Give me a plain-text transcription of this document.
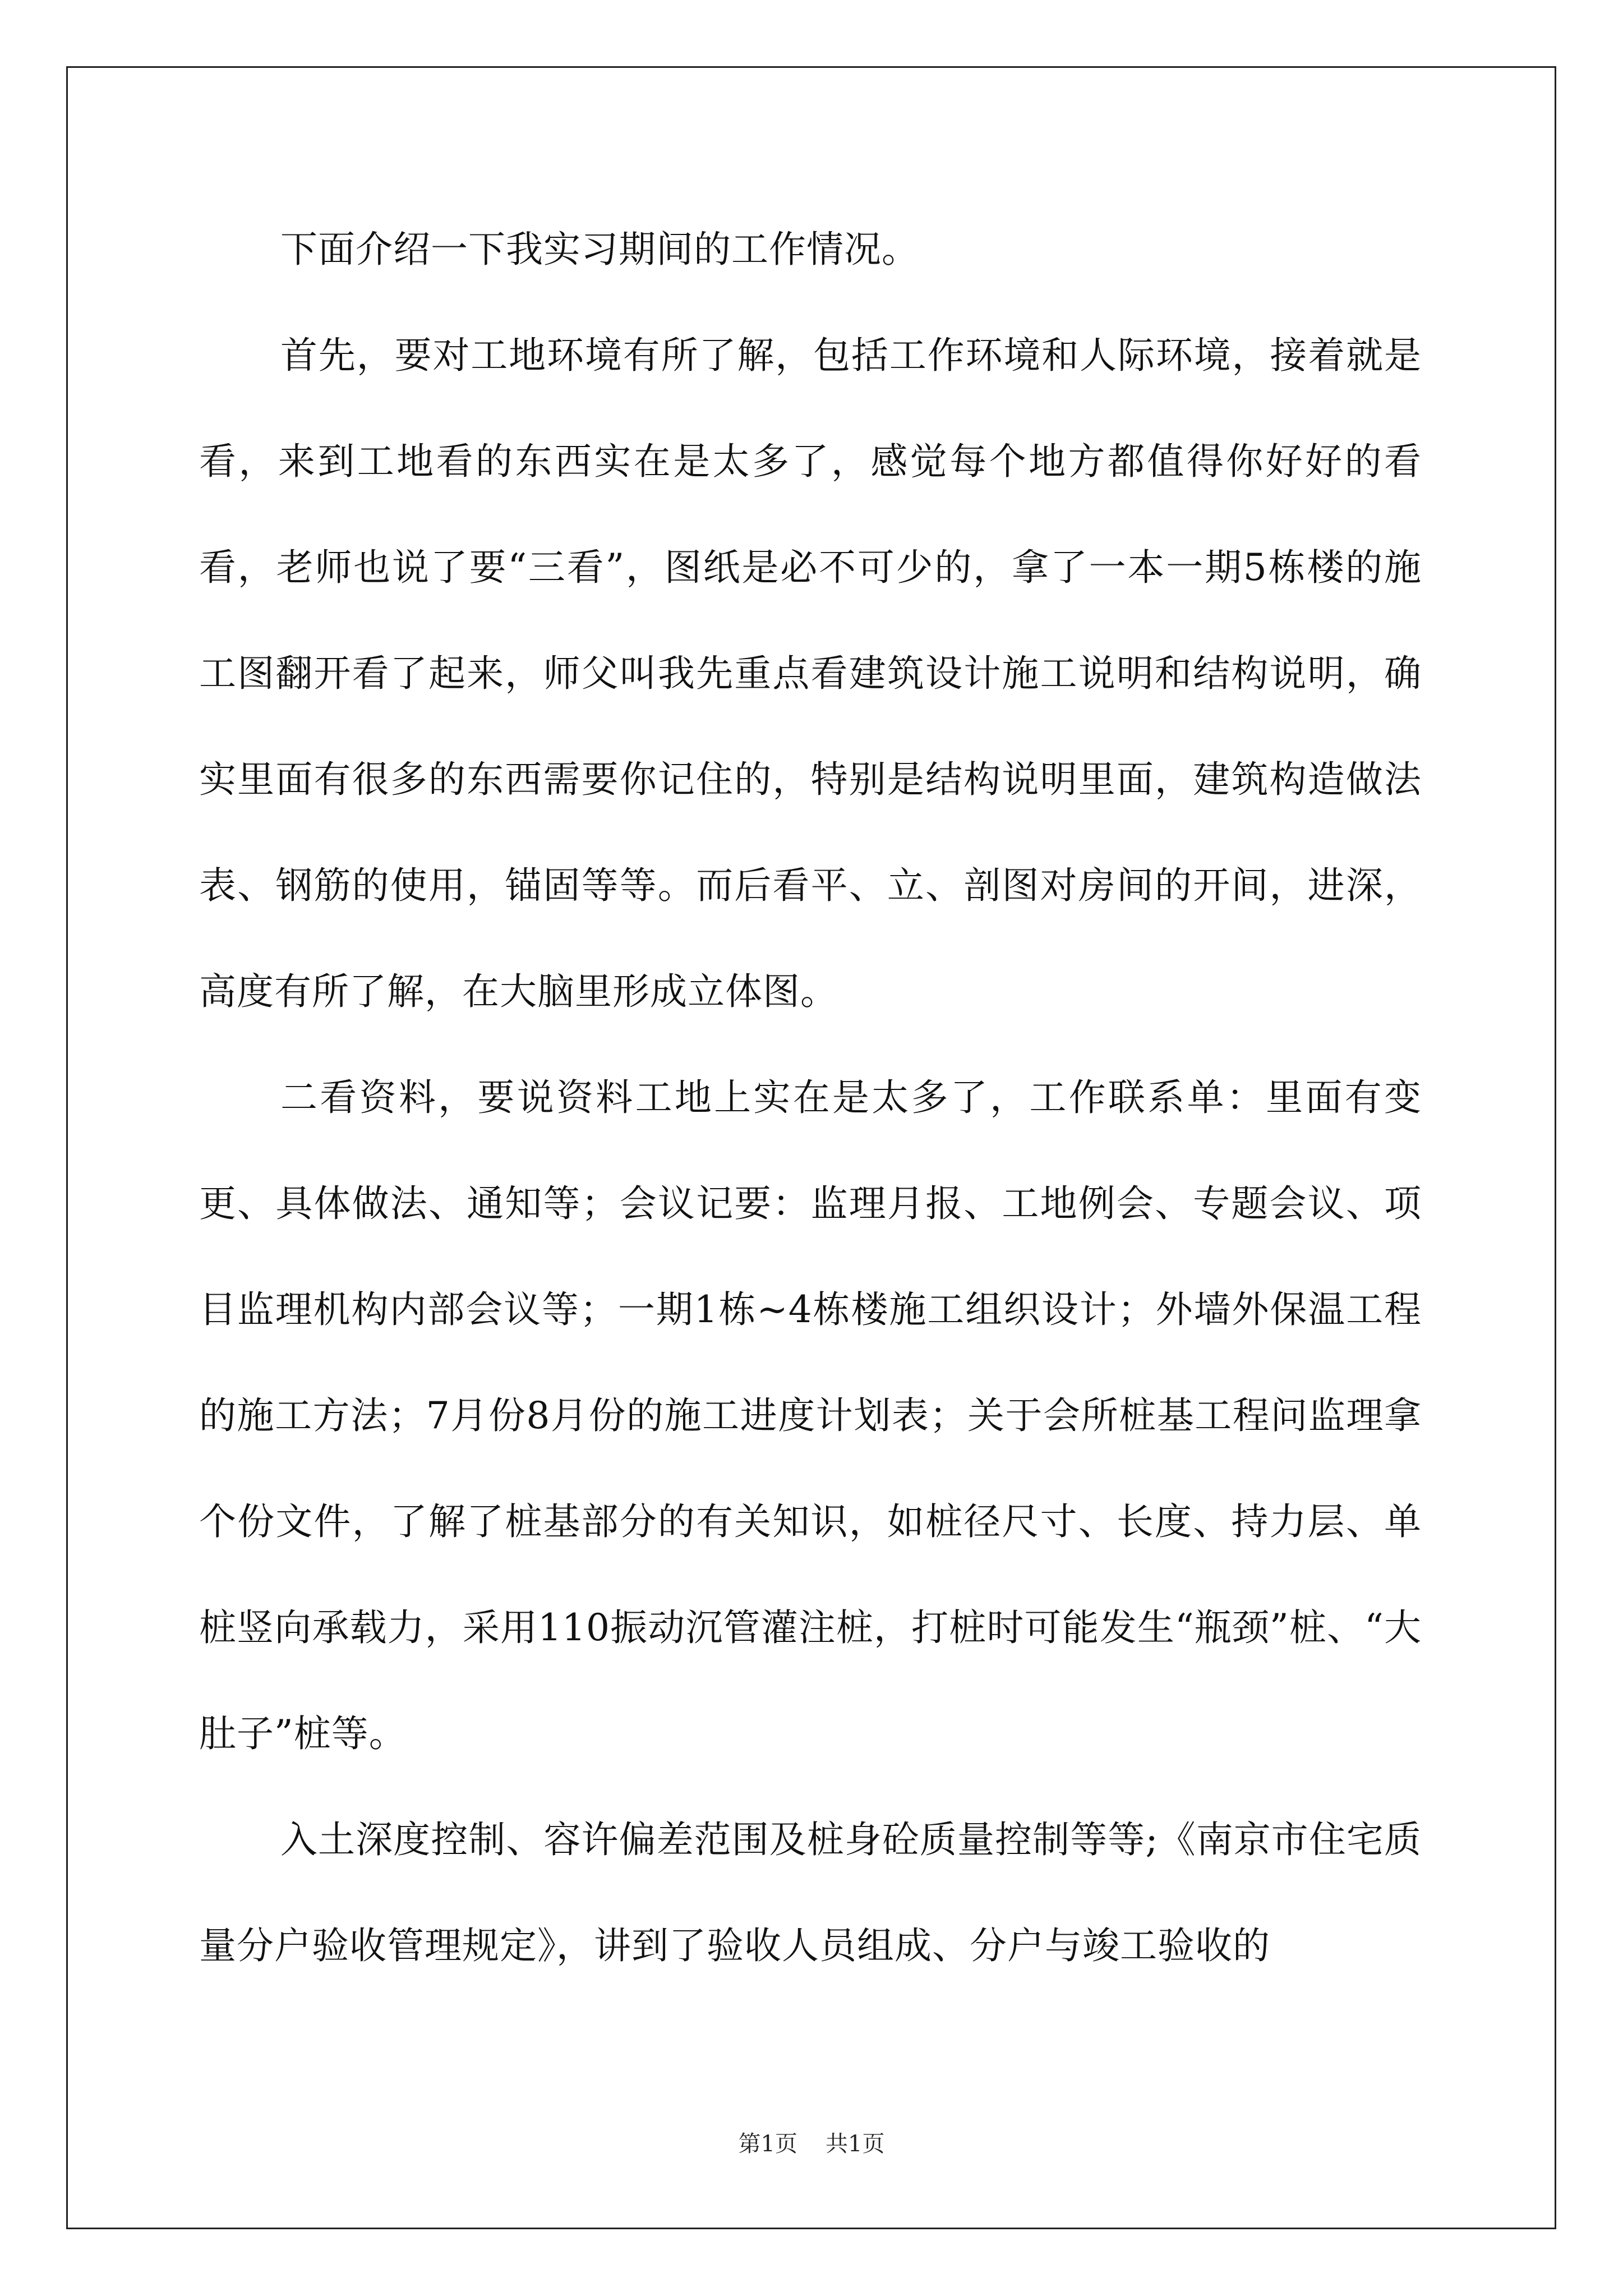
下面介绍一下我实习期间的工作情况。

首先，要对工地环境有所了解，包括工作环境和人际环境，接着就是看，来到工地看的东西实在是太多了，感觉每个地方都值得你好好的看看，老师也说了要“三看”，图纸是必不可少的，拿了一本一期5栋楼的施工图翻开看了起来，师父叫我先重点看建筑设计施工说明和结构说明，确实里面有很多的东西需要你记住的，特别是结构说明里面，建筑构造做法表、钢筋的使用，锚固等等。而后看平、立、剖图对房间的开间，进深，高度有所了解，在大脑里形成立体图。

二看资料，要说资料工地上实在是太多了，工作联系单：里面有变更、具体做法、通知等；会议记要：监理月报、工地例会、专题会议、项目监理机构内部会议等；一期1栋~4栋楼施工组织设计；外墙外保温工程的施工方法；7月份8月份的施工进度计划表；关于会所桩基工程问监理拿个份文件，了解了桩基部分的有关知识，如桩径尺寸、长度、持力层、单桩竖向承载力，采用110振动沉管灌注桩，打桩时可能发生“瓶颈”桩、“大肚子”桩等。

入土深度控制、容许偏差范围及桩身砼质量控制等等;《南京市住宅质量分户验收管理规定》，讲到了验收人员组成、分户与竣工验收的

第1页 共1页
